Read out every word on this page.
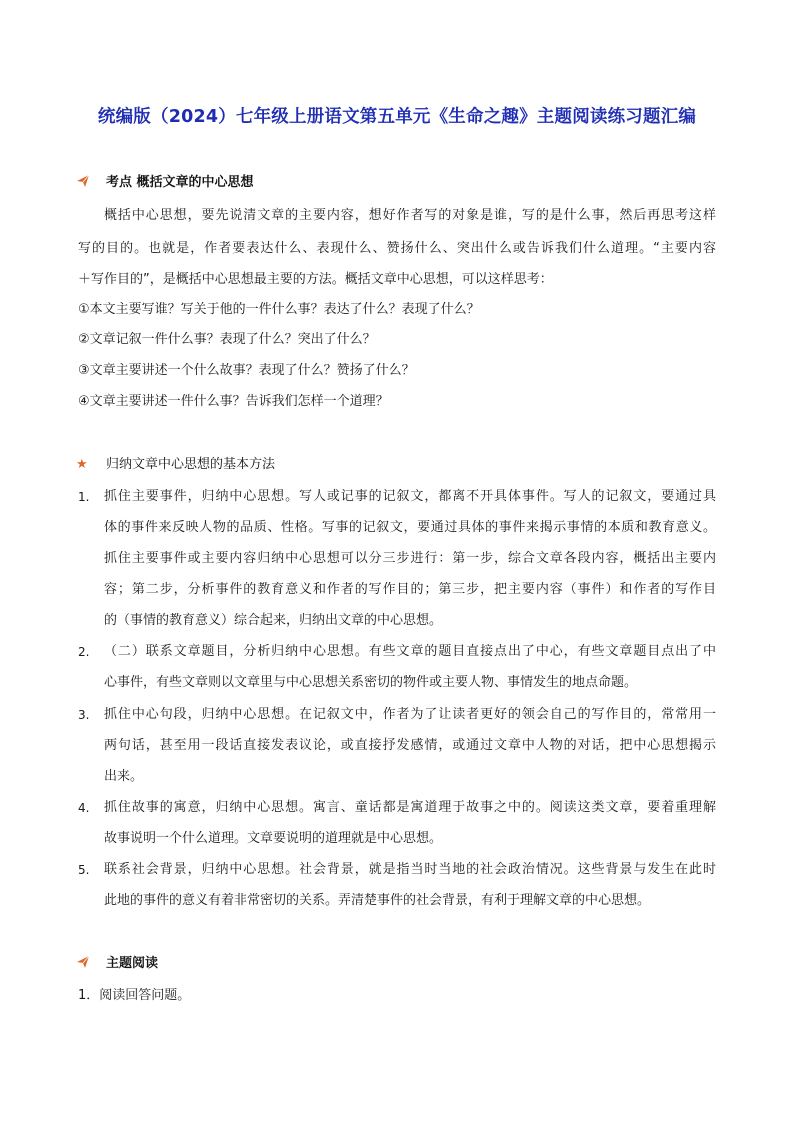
统编版（2024）七年级上册语文第五单元《生命之趣》主题阅读练习题汇编
考点 概括文章的中心思想
概括中心思想，要先说清文章的主要内容，想好作者写的对象是谁，写的是什么事，然后再思考这样
写的目的。也就是，作者要表达什么、表现什么、赞扬什么、突出什么或告诉我们什么道理。“主要内容
＋写作目的”，是概括中心思想最主要的方法。概括文章中心思想，可以这样思考：
①本文主要写谁？写关于他的一件什么事？表达了什么？表现了什么？
②文章记叙一件什么事？表现了什么？突出了什么？
③文章主要讲述一个什么故事？表现了什么？赞扬了什么？
④文章主要讲述一件什么事？告诉我们怎样一个道理？
★ 归纳文章中心思想的基本方法
1. 抓住主要事件，归纳中心思想。写人或记事的记叙文，都离不开具体事件。写人的记叙文，要通过具
体的事件来反映人物的品质、性格。写事的记叙文，要通过具体的事件来揭示事情的本质和教育意义。
抓住主要事件或主要内容归纳中心思想可以分三步进行：第一步，综合文章各段内容，概括出主要内
容；第二步，分析事件的教育意义和作者的写作目的；第三步，把主要内容（事件）和作者的写作目
的（事情的教育意义）综合起来，归纳出文章的中心思想。
2. （二）联系文章题目，分析归纳中心思想。有些文章的题目直接点出了中心，有些文章题目点出了中
心事件，有些文章则以文章里与中心思想关系密切的物件或主要人物、事情发生的地点命题。
3. 抓住中心句段，归纳中心思想。在记叙文中，作者为了让读者更好的领会自己的写作目的，常常用一
两句话，甚至用一段话直接发表议论，或直接抒发感情，或通过文章中人物的对话，把中心思想揭示
出来。
4. 抓住故事的寓意，归纳中心思想。寓言、童话都是寓道理于故事之中的。阅读这类文章，要着重理解
故事说明一个什么道理。文章要说明的道理就是中心思想。
5. 联系社会背景，归纳中心思想。社会背景，就是指当时当地的社会政治情况。这些背景与发生在此时
此地的事件的意义有着非常密切的关系。弄清楚事件的社会背景，有利于理解文章的中心思想。
主题阅读
1．阅读回答问题。
